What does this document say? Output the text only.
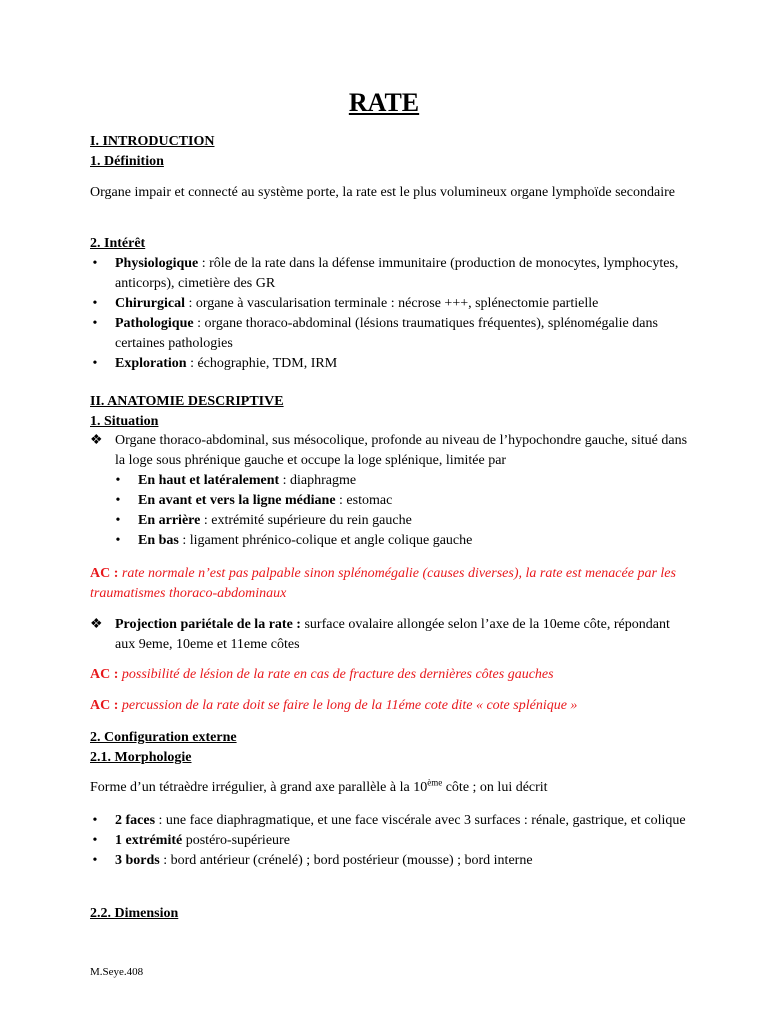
RATE
I. INTRODUCTION
1. Définition
Organe impair et connecté au système porte, la rate est le plus volumineux organe lymphoïde secondaire
2. Intérêt
• Physiologique : rôle de la rate dans la défense immunitaire (production de monocytes, lymphocytes, anticorps), cimetière des GR
• Chirurgical : organe à vascularisation terminale : nécrose +++, splénectomie partielle
• Pathologique : organe thoraco-abdominal (lésions traumatiques fréquentes), splénomégalie dans certaines pathologies
• Exploration : échographie, TDM, IRM
II. ANATOMIE DESCRIPTIVE
1. Situation
❖ Organe thoraco-abdominal, sus mésocolique, profonde au niveau de l’hypochondre gauche, situé dans la loge sous phrénique gauche et occupe la loge splénique, limitée par
• En haut et latéralement : diaphragme
• En avant et vers la ligne médiane : estomac
• En arrière : extrémité supérieure du rein gauche
• En bas : ligament phrénico-colique et angle colique gauche
AC : rate normale n’est pas palpable sinon splénomégalie (causes diverses), la rate est menacée par les traumatismes thoraco-abdominaux
❖ Projection pariétale de la rate : surface ovalaire allongée selon l’axe de la 10eme côte, répondant aux 9eme, 10eme et 11eme côtes
AC : possibilité de lésion de la rate en cas de fracture des dernières côtes gauches
AC : percussion de la rate doit se faire le long de la 11éme cote dite « cote splénique »
2. Configuration externe
2.1. Morphologie
Forme d’un tétraèdre irrégulier, à grand axe parallèle à la 10ème côte ; on lui décrit
• 2 faces : une face diaphragmatique, et une face viscérale avec 3 surfaces : rénale, gastrique, et colique
• 1 extrémité postéro-supérieure
• 3 bords : bord antérieur (crénelé) ; bord postérieur (mousse) ; bord interne
2.2. Dimension
M.Seye.408
